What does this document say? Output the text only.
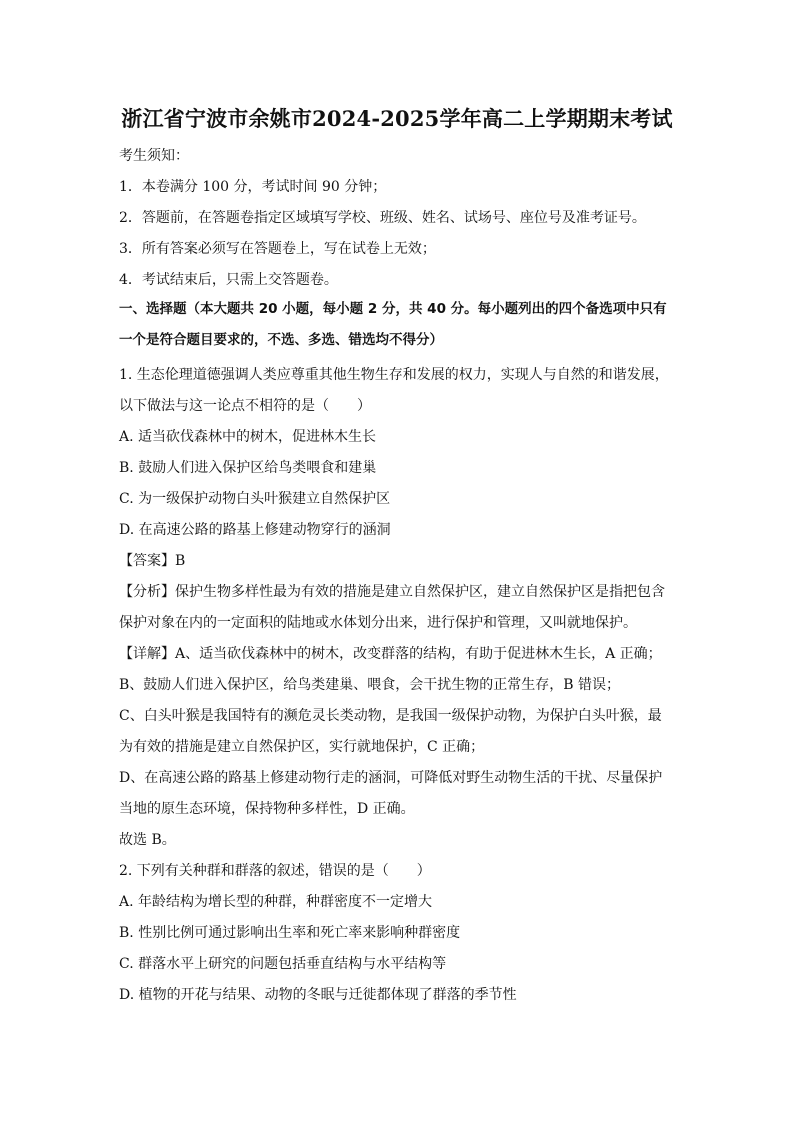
浙江省宁波市余姚市2024-2025学年高二上学期期末考试
考生须知：
1．本卷满分 100 分，考试时间 90 分钟；
2．答题前，在答题卷指定区域填写学校、班级、姓名、试场号、座位号及准考证号。
3．所有答案必须写在答题卷上，写在试卷上无效；
4．考试结束后，只需上交答题卷。
一、选择题（本大题共 20 小题，每小题 2 分，共 40 分。每小题列出的四个备选项中只有
一个是符合题目要求的，不选、多选、错选均不得分）
1. 生态伦理道德强调人类应尊重其他生物生存和发展的权力，实现人与自然的和谐发展，
以下做法与这一论点不相符的是（　　）
A. 适当砍伐森林中的树木，促进林木生长
B. 鼓励人们进入保护区给鸟类喂食和建巢
C. 为一级保护动物白头叶猴建立自然保护区
D. 在高速公路的路基上修建动物穿行的涵洞
【答案】B
【分析】保护生物多样性最为有效的措施是建立自然保护区，建立自然保护区是指把包含
保护对象在内的一定面积的陆地或水体划分出来，进行保护和管理，又叫就地保护。
【详解】A、适当砍伐森林中的树木，改变群落的结构，有助于促进林木生长，A 正确；
B、鼓励人们进入保护区，给鸟类建巢、喂食，会干扰生物的正常生存，B 错误；
C、白头叶猴是我国特有的濒危灵长类动物，是我国一级保护动物，为保护白头叶猴，最
为有效的措施是建立自然保护区，实行就地保护，C 正确；
D、在高速公路的路基上修建动物行走的涵洞，可降低对野生动物生活的干扰、尽量保护
当地的原生态环境，保持物种多样性，D 正确。
故选 B。
2. 下列有关种群和群落的叙述，错误的是（　　）
A. 年龄结构为增长型的种群，种群密度不一定增大
B. 性别比例可通过影响出生率和死亡率来影响种群密度
C. 群落水平上研究的问题包括垂直结构与水平结构等
D. 植物的开花与结果、动物的冬眠与迁徙都体现了群落的季节性
